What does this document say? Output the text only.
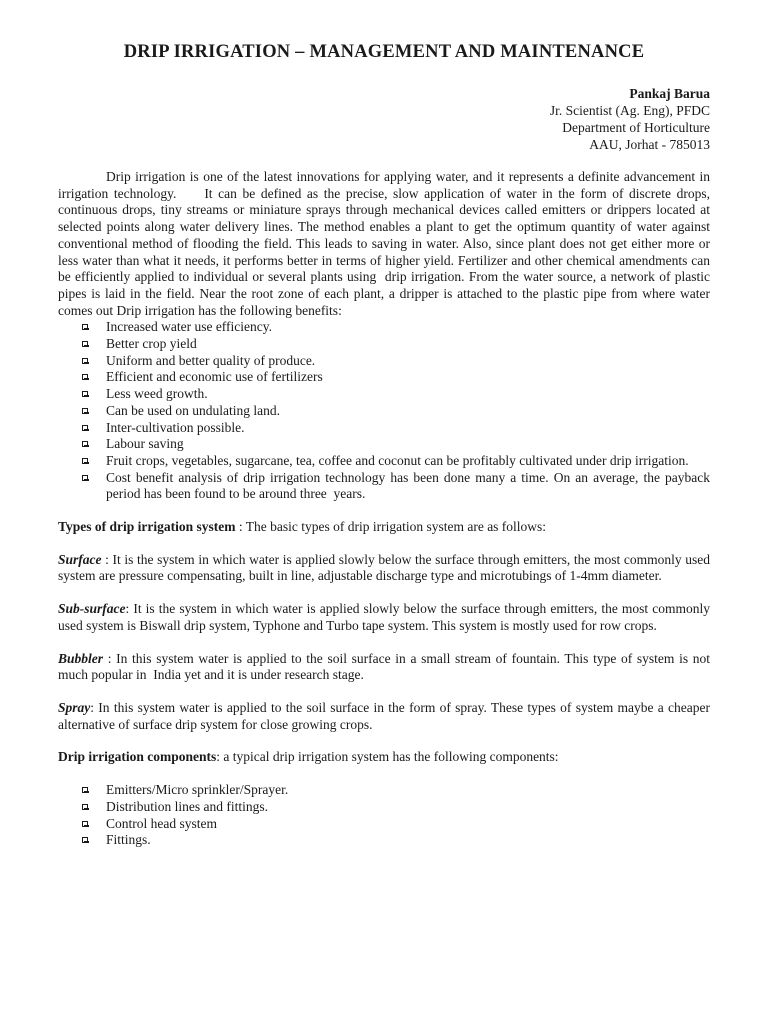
DRIP IRRIGATION – MANAGEMENT AND MAINTENANCE
Pankaj Barua
Jr. Scientist (Ag. Eng), PFDC
Department of Horticulture
AAU, Jorhat - 785013

Drip irrigation is one of the latest innovations for applying water, and it represents a definite advancement in irrigation technology.     It can be defined as the precise, slow application of water in the form of discrete drops, continuous drops, tiny streams or miniature sprays through mechanical devices called emitters or drippers located at selected points along water delivery lines. The method enables a plant to get the optimum quantity of water against conventional method of flooding the field. This leads to saving in water. Also, since plant does not get either more or less water than what it needs, it performs better in terms of higher yield. Fertilizer and other chemical amendments can be efficiently applied to individual or several plants using  drip irrigation. From the water source, a network of plastic pipes is laid in the field. Near the root zone of each plant, a dripper is attached to the plastic pipe from where water comes out Drip irrigation has the following benefits:

Increased water use efficiency.
Better crop yield
Uniform and better quality of produce.
Efficient and economic use of fertilizers
Less weed growth.
Can be used on undulating land.
Inter-cultivation possible.
Labour saving
Fruit crops, vegetables, sugarcane, tea, coffee and coconut can be profitably cultivated under drip irrigation.
Cost benefit analysis of drip irrigation technology has been done many a time. On an average, the payback period has been found to be around three  years.

Types of drip irrigation system : The basic types of drip irrigation system are as follows:

Surface : It is the system in which water is applied slowly below the surface through emitters, the most commonly used system are pressure compensating, built in line, adjustable discharge type and microtubings of 1-4mm diameter.

Sub-surface: It is the system in which water is applied slowly below the surface through emitters, the most commonly used system is Biswall drip system, Typhone and Turbo tape system. This system is mostly used for row crops.

Bubbler : In this system water is applied to the soil surface in a small stream of fountain. This type of system is not much popular in  India yet and it is under research stage.

Spray: In this system water is applied to the soil surface in the form of spray. These types of system maybe a cheaper alternative of surface drip system for close growing crops.

Drip irrigation components: a typical drip irrigation system has the following components:

Emitters/Micro sprinkler/Sprayer.
Distribution lines and fittings.
Control head system
Fittings.
